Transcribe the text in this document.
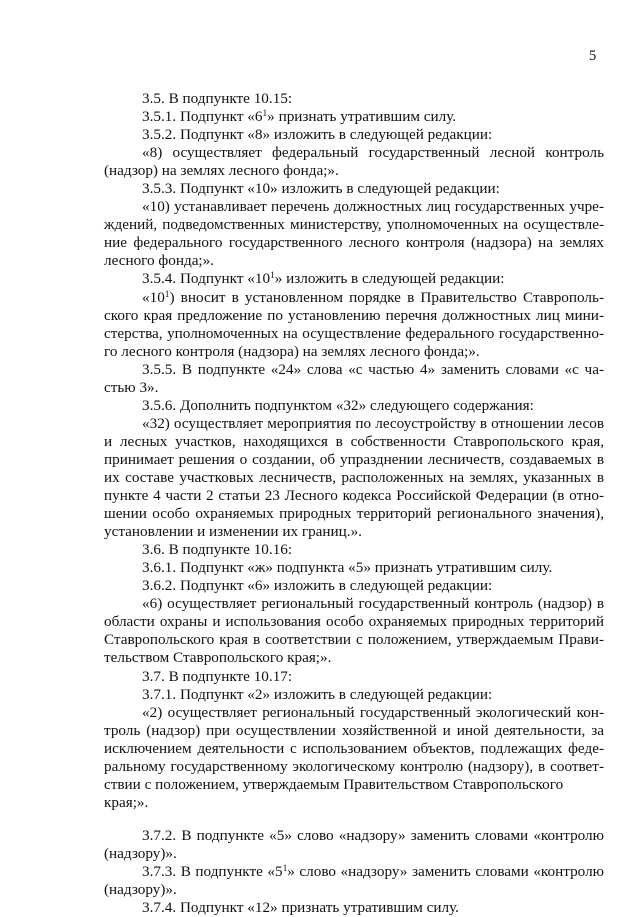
5

3.5. В подпункте 10.15:

3.5.1. Подпункт «$6^1$» признать утратившим силу.

3.5.2. Подпункт «8» изложить в следующей редакции:

«8) осуществляет федеральный государственный лесной контроль (надзор) на землях лесного фонда;».

3.5.3. Подпункт «10» изложить в следующей редакции:

«10) устанавливает перечень должностных лиц государственных учреждений, подведомственных министерству, уполномоченных на осуществление федерального государственного лесного контроля (надзора) на землях лесного фонда;».

3.5.4. Подпункт «$10^1$» изложить в следующей редакции:

«$10^1$) вносит в установленном порядке в Правительство Ставропольского края предложение по установлению перечня должностных лиц министерства, уполномоченных на осуществление федерального государственного лесного контроля (надзора) на землях лесного фонда;».

3.5.5. В подпункте «24» слова «с частью 4» заменить словами «с частью 3».

3.5.6. Дополнить подпунктом «32» следующего содержания:

«32) осуществляет мероприятия по лесоустройству в отношении лесов и лесных участков, находящихся в собственности Ставропольского края, принимает решения о создании, об упразднении лесничеств, создаваемых в их составе участковых лесничеств, расположенных на землях, указанных в пункте 4 части 2 статьи 23 Лесного кодекса Российской Федерации (в отношении особо охраняемых природных территорий регионального значения), установлении и изменении их границ.».

3.6. В подпункте 10.16:

3.6.1. Подпункт «ж» подпункта «5» признать утратившим силу.

3.6.2. Подпункт «6» изложить в следующей редакции:

«6) осуществляет региональный государственный контроль (надзор) в области охраны и использования особо охраняемых природных территорий Ставропольского края в соответствии с положением, утверждаемым Правительством Ставропольского края;».

3.7. В подпункте 10.17:

3.7.1. Подпункт «2» изложить в следующей редакции:

«2) осуществляет региональный государственный экологический контроль (надзор) при осуществлении хозяйственной и иной деятельности, за исключением деятельности с использованием объектов, подлежащих федеральному государственному экологическому контролю (надзору), в соответствии с положением, утверждаемым Правительством Ставропольского

края;».

3.7.2. В подпункте «5» слово «надзору» заменить словами «контролю (надзору)».

3.7.3. В подпункте «$5^1$» слово «надзору» заменить словами «контролю (надзору)».

3.7.4. Подпункт «12» признать утратившим силу.
